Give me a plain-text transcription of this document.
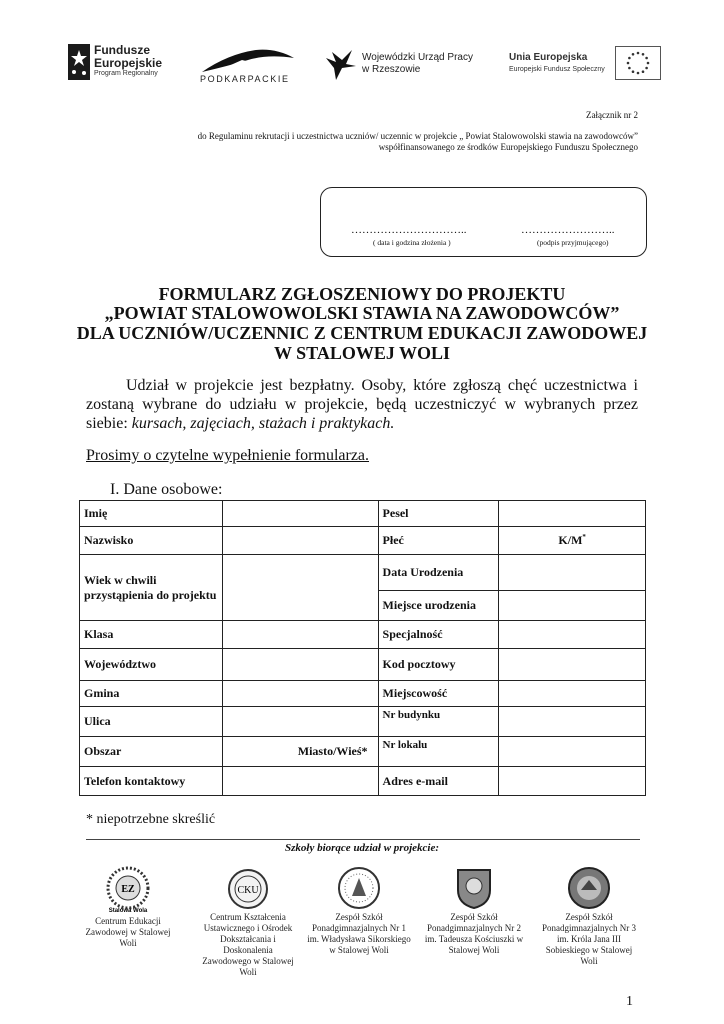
Fundusze
Europejskie
Program Regionalny
PODKARPACKIE
Wojewódzki Urząd Pracy
w Rzeszowie
Unia Europejska
Europejski Fundusz Społeczny
Załącznik nr 2
do Regulaminu rekrutacji i uczestnictwa uczniów/ uczennic w projekcie „ Powiat Stalowowolski stawia na zawodowców”
współfinansowanego ze środków Europejskiego Funduszu Społecznego
…………………………..	……………………..
( data i godzina złożenia )	(podpis przyjmującego)
FORMULARZ ZGŁOSZENIOWY DO PROJEKTU
„POWIAT STALOWOWOLSKI STAWIA NA ZAWODOWCÓW”
DLA UCZNIÓW/UCZENNIC Z CENTRUM EDUKACJI ZAWODOWEJ
W STALOWEJ WOLI
Udział w projekcie jest bezpłatny. Osoby, które zgłoszą chęć uczestnictwa i zostaną wybrane do udziału w projekcie, będą uczestniczyć w wybranych przez siebie: kursach, zajęciach, stażach i praktykach.
Prosimy o czytelne wypełnienie formularza.
I. Dane osobowe:
Imię		Pesel	
Nazwisko		Płeć	K/M*
Wiek w chwili przystąpienia do projektu		Data Urodzenia	
		Miejsce urodzenia	
Klasa		Specjalność	
Województwo		Kod pocztowy	
Gmina		Miejscowość	
Ulica		Nr budynku	
Obszar	Miasto/Wieś*	Nr lokalu	
Telefon kontaktowy		Adres e-mail	
* niepotrzebne skreślić
Szkoły biorące udział w projekcie:
EZ
Stalowa Wola
Centrum Edukacji Zawodowej w Stalowej Woli
CKU
Centrum Kształcenia Ustawicznego i Ośrodek Dokształcania i Doskonalenia Zawodowego w Stalowej Woli
Zespół Szkół Ponadgimnazjalnych Nr 1 im. Władysława Sikorskiego w Stalowej Woli
Zespół Szkół Ponadgimnazjalnych Nr 2 im. Tadeusza Kościuszki w Stalowej Woli
Zespół Szkół Ponadgimnazjalnych Nr 3 im. Króla Jana III Sobieskiego w Stalowej Woli
1
